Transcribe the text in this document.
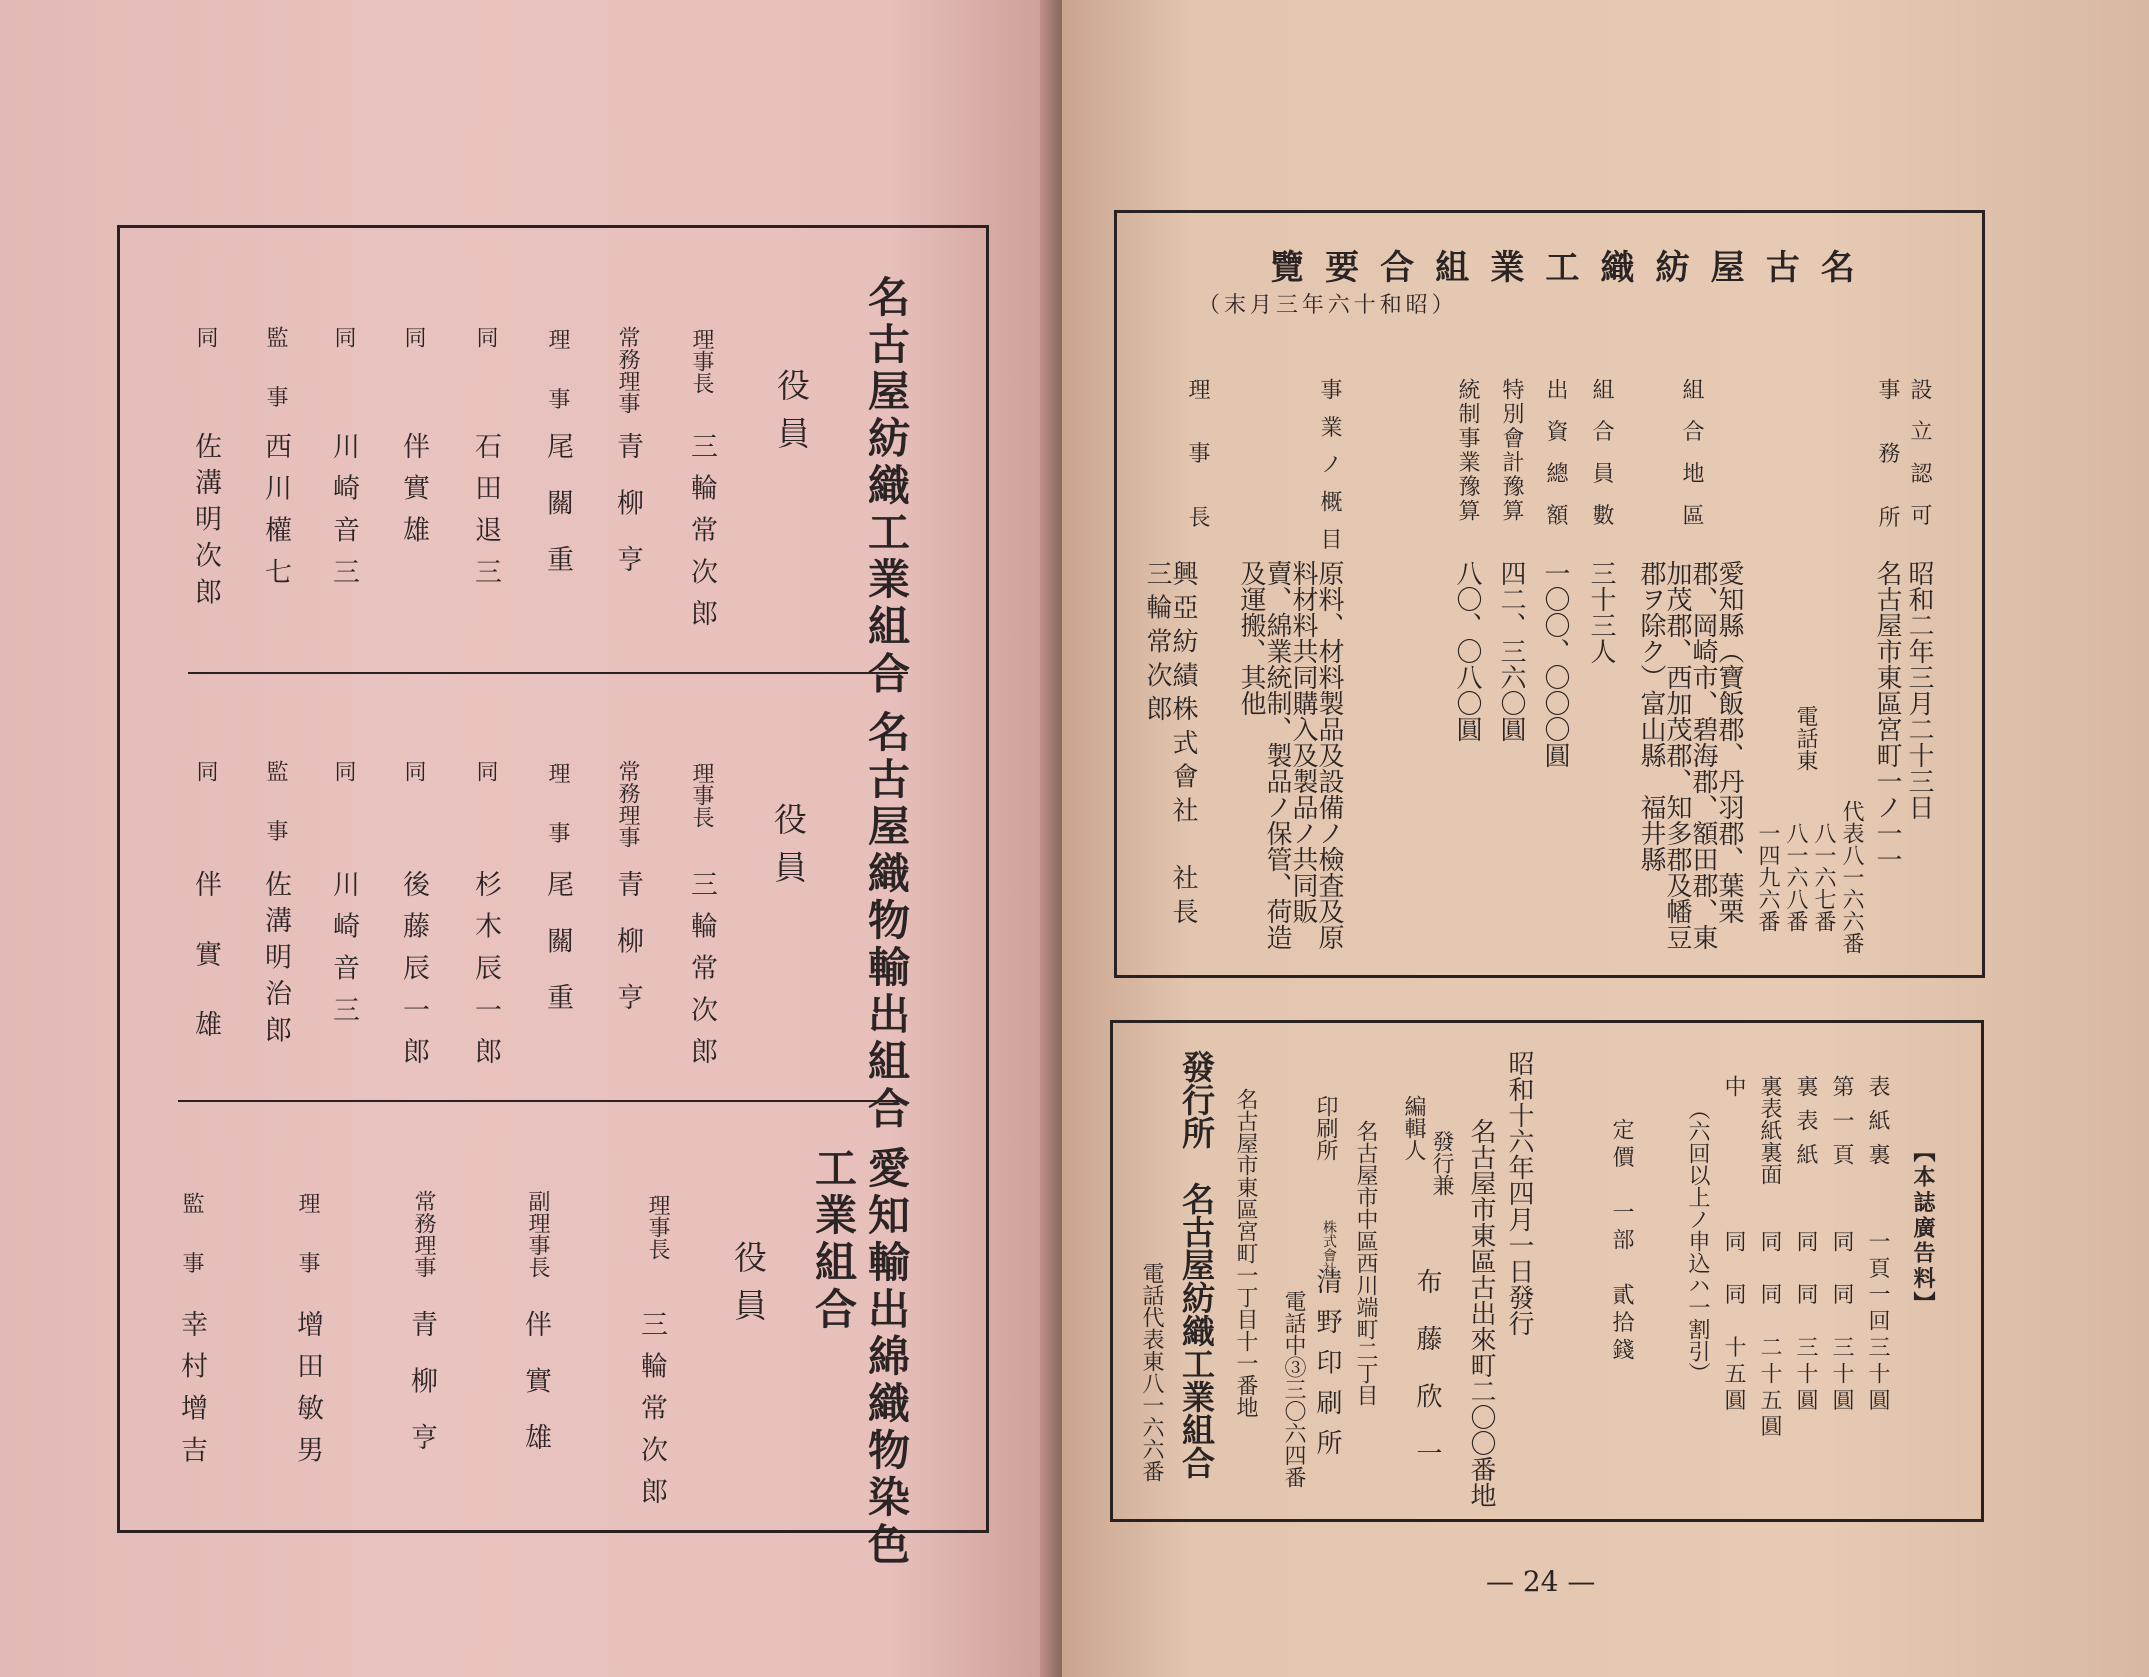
名古屋紡織工業組合
役員
理事長
三輪常次郎
常務理事
青柳亨
理事
尾關重
同
石田退三
同
伴實雄
同
川崎音三
監事
西川權七
同
佐溝明次郎
名古屋織物輸出組合
役員
理事長
三輪常次郎
常務理事
青柳亨
理事
尾關重
同
杉木辰一郎
同
後藤辰一郎
同
川崎音三
監事
佐溝明治郎
同
伴實雄
愛知輸出綿織物染色
工業組合
役員
理事長
三輪常次郎
副理事長
伴實雄
常務理事
青柳亨
理事
增田敏男
監事
幸村增吉
名古屋紡織工業組合要覽
（昭和十六年三月末）
設立認可
昭和二年三月二十三日
事務所
名古屋市東區宮町一ノ一一
組合地區
愛知縣（寶飯郡、丹羽郡、葉栗郡、岡崎市、碧海郡、額田郡、東加茂郡、西加茂郡、知多郡及幡豆郡ヲ除ク）富山縣　福井縣
組合員數
三十三人
出資總額
一〇〇、〇〇〇圓
特別會計豫算
四二、三六〇圓
統制事業豫算
八〇、〇八〇圓
事業ノ概目
原料、材料製品及設備ノ檢査及原料材料共同購入及製品ノ共同販賣、綿業統制、製品ノ保管、荷造及運搬、其他
理事長
興亞紡績株式會社　社長　三輪常次郎
電話東
代表八一六六番
八一六七番
八一六八番
一四九六番
【本誌廣告料】
表紙裏
一頁一回三十圓
第一頁
同　同　三十圓
裏表紙
同　同　三十圓
裏表紙裏面
同　同　二十五圓
中
同　同　十五圓
（六回以上ノ申込ハ一割引）
定價　一部　貳拾錢
昭和十六年四月一日發行
名古屋市東區古出來町二〇〇番地
發行兼
編輯人
布藤欣一
名古屋市中區西川端町二丁目
印刷所
株式會社
清野印刷所
電話中③三〇六四番
名古屋市東區宮町一丁目十一番地
發行所　名古屋紡織工業組合
電話代表東八一六六番
— 24 —
